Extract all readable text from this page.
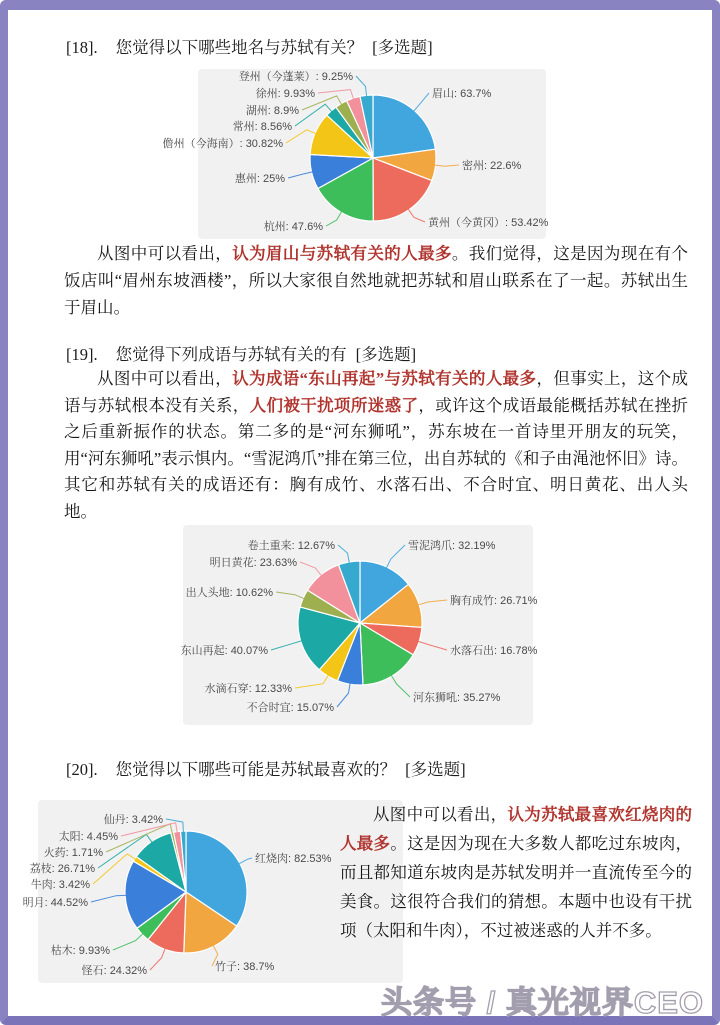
[18]. 您觉得以下哪些地名与苏轼有关？ [多选题]
眉山: 63.7%
密州: 22.6%
黄州（今黄冈）: 53.42%
杭州: 47.6%
惠州: 25%
儋州（今海南）: 30.82%
常州: 8.56%
湖州: 8.9%
徐州: 9.93%
登州（今蓬莱）: 9.25%

从图中可以看出，认为眉山与苏轼有关的人最多。我们觉得，这是因为现在有个饭店叫“眉州东坡酒楼”，所以大家很自然地就把苏轼和眉山联系在了一起。苏轼出生于眉山。

[19]. 您觉得下列成语与苏轼有关的有 [多选题]

从图中可以看出，认为成语“东山再起”与苏轼有关的人最多，但事实上，这个成语与苏轼根本没有关系，人们被干扰项所迷惑了，或许这个成语最能概括苏轼在挫折之后重新振作的状态。第二多的是“河东狮吼”，苏东坡在一首诗里开朋友的玩笑，用“河东狮吼”表示惧内。“雪泥鸿爪”排在第三位，出自苏轼的《和子由渑池怀旧》诗。其它和苏轼有关的成语还有：胸有成竹、水落石出、不合时宜、明日黄花、出人头地。

雪泥鸿爪: 32.19%
胸有成竹: 26.71%
水落石出: 16.78%
河东狮吼: 35.27%
不合时宜: 15.07%
水滴石穿: 12.33%
东山再起: 40.07%
出人头地: 10.62%
明日黄花: 23.63%
卷土重来: 12.67%
[20]. 您觉得以下哪些可能是苏轼最喜欢的？ [多选题]
红烧肉: 82.53%
竹子: 38.7%
怪石: 24.32%
枯木: 9.93%
明月: 44.52%
牛肉: 3.42%
荔枝: 26.71%
火药: 1.71%
太阳: 4.45%
仙丹: 3.42%	从图中可以看出，认为苏轼最喜欢红烧肉的人最多。这是因为现在大多数人都吃过东坡肉，而且都知道东坡肉是苏轼发明并一直流传至今的美食。这很符合我们的猜想。本题中也设有干扰项（太阳和牛肉），不过被迷惑的人并不多。

头条号 / 真光视界CEO
